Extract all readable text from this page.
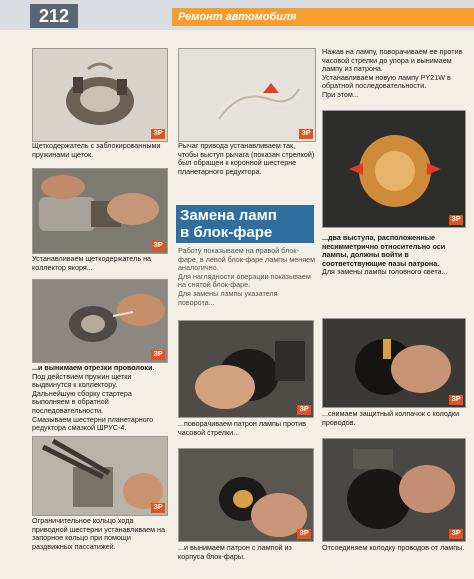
212	Ремонт автомобиля
ЗР

Щеткодержатель с заблокированными пружинами щеток.

ЗР

Устанавливаем щеткодержатель на коллектор якоря...

ЗР

...и вынимаем отрезки проволоки.

Под действием пружин щетки выдвинутся к коллектору.

Дальнейшую сборку стартера выполняем в обратной последовательности.

Смазываем шестерни планетарного редуктора смазкой ШРУС-4.

ЗР

Ограничительное кольцо хода приводной шестерни устанавливаем на запорное кольцо при помощи раздвижных пассатижей.

ЗР

Рычаг привода устанавливаем так, чтобы выступ рычага (показан стрелкой) был обращен к коронной шестерне планетарного редуктора.

Замена ламп
в блок-фаре

Работу показываем на правой блок-фаре, в левой блок-фаре лампы меняем аналогично.

Для наглядности операции показываем на снятой блок-фаре.

Для замены лампы указателя поворота...

ЗР

...поворачиваем патрон лампы против часовой стрелки...

ЗР

...и вынимаем патрон с лампой из корпуса блок-фары.

Нажав на лампу, поворачиваем ее против часовой стрелки до упора и вынимаем лампу из патрона.

Устанавливаем новую лампу PY21W в обратной последовательности.

При этом...

ЗР

...два выступа, расположенные несимметрично относительно оси лампы, должны войти в соответствующие пазы патрона.

Для замены лампы головного света...

ЗР

...снимаем защитный колпачок с колодки проводов.

ЗР

Отсоединяем колодку проводов от лампы.
